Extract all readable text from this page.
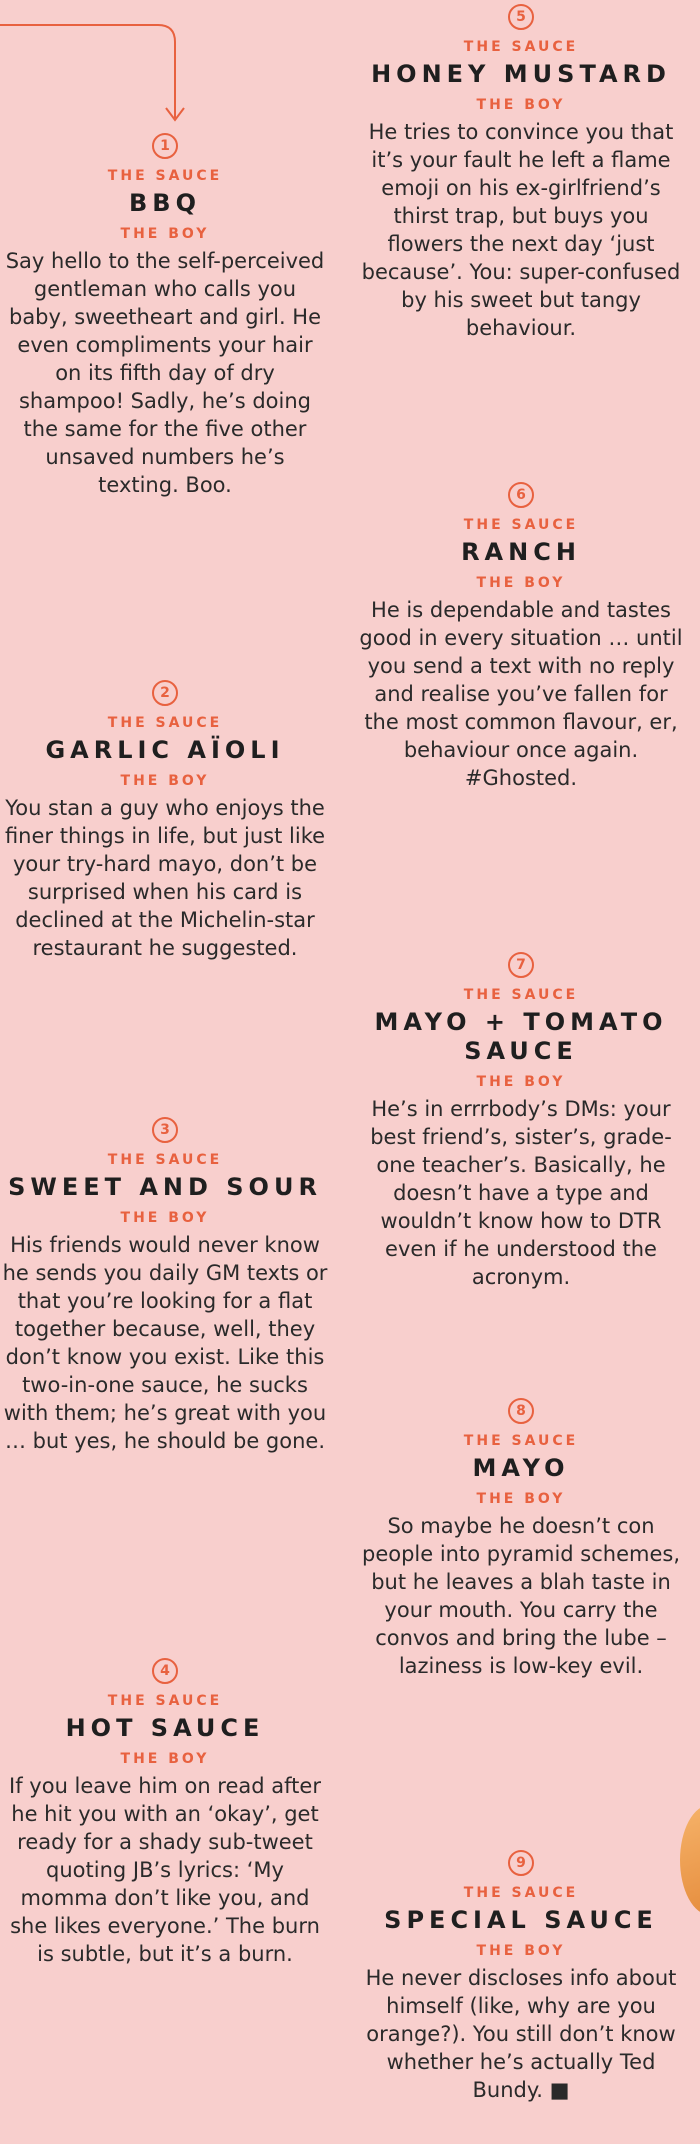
1
THE SAUCE
BBQ
THE BOY
Say hello to the self-perceived gentleman who calls you baby, sweetheart and girl. He even compliments your hair on its fifth day of dry shampoo! Sadly, he’s doing the same for the five other unsaved numbers he’s texting. Boo.
2
THE SAUCE
GARLIC AÏOLI
THE BOY
You stan a guy who enjoys the finer things in life, but just like your try-hard mayo, don’t be surprised when his card is declined at the Michelin-star restaurant he suggested.
3
THE SAUCE
SWEET AND SOUR
THE BOY
His friends would never know he sends you daily GM texts or that you’re looking for a flat together because, well, they don’t know you exist. Like this two-in-one sauce, he sucks with them; he’s great with you … but yes, he should be gone.
4
THE SAUCE
HOT SAUCE
THE BOY
If you leave him on read after he hit you with an ‘okay’, get ready for a shady sub-tweet quoting JB’s lyrics: ‘My momma don’t like you, and she likes everyone.’ The burn is subtle, but it’s a burn.
5
THE SAUCE
HONEY MUSTARD
THE BOY
He tries to convince you that it’s your fault he left a flame emoji on his ex-girlfriend’s thirst trap, but buys you flowers the next day ‘just because’. You: super-confused by his sweet but tangy behaviour.
6
THE SAUCE
RANCH
THE BOY
He is dependable and tastes good in every situation … until you send a text with no reply and realise you’ve fallen for the most common flavour, er, behaviour once again. #Ghosted.
7
THE SAUCE
MAYO + TOMATO SAUCE
THE BOY
He’s in errrbody’s DMs: your best friend’s, sister’s, grade-one teacher’s. Basically, he doesn’t have a type and wouldn’t know how to DTR even if he understood the acronym.
8
THE SAUCE
MAYO
THE BOY
So maybe he doesn’t con people into pyramid schemes, but he leaves a blah taste in your mouth. You carry the convos and bring the lube – laziness is low-key evil.
9
THE SAUCE
SPECIAL SAUCE
THE BOY
He never discloses info about himself (like, why are you orange?). You still don’t know whether he’s actually Ted Bundy. ■
